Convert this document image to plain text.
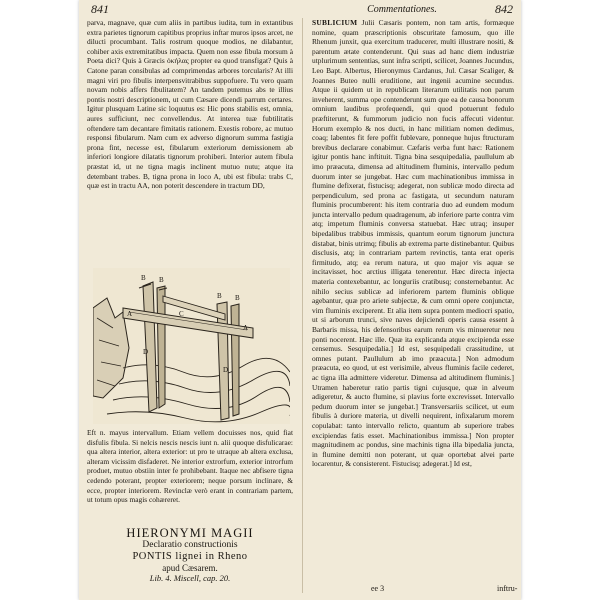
841	Commentationes.	842

parva, magnave, quæ cum aliis in partibus iudita, tum in extantibus extra parietes tignorum capitibus proprius inftar muros ipsos arcet, ne dilucti procumbant. Talis rostrum quoque modios, ne dilabantur, cohiber axis extremitatibus impacta. Quem non esse fibula morsum à Poeta dici? Quis à Græcis ὀκήλας propter ea quod transfigat? Quis à Catone paran consibulas ad comprimendas arbores torcularis? At illi magni viri pro fibulis interpensvitrabibus suppofuere. Tu vero quam novam nobis affers fibulitatem? An tandem putemus abs te illius pontis nostri descriptionem, ut cum Cæsare dicendi parrum certares. Igitur plusquam Latine sic loquutus es: Hic pons stabilis est, omnia, aures sufficiunt, nec convellendus. At interea tuæ fubtilitatis oftendere tam decantare fimitatis rationem. Exestis robore, ac mutuo responsi fibularum. Nam cum ex adverso dignorum summa fastigia prona fint, necesse est, fibularum exteriorum demissionem ab inferiori longiore dilatatis tignorum prohiberi. Interior autem fibula præstat id, ut ne tigna magis inclinent mutuo nutu; atque ita detembant trabes. B, tigna prona in loco A, ubi est fibula: trabs C, quæ est in tractu AA, non poterit descendere in tractum DD,

B B
A	C
B B
A
D
D

Eft n. mayus intervallum. Etiam vellem docuisses nos, quid fiat disfulis fibula. Si nelcis nescis nescis iunt n. alii quoque disfulicarae: qua altera interior, altera exterior: ut pro te utraque ab altera exclusa, alteram vicissim disfaderet. Ne interior extrorfum, exterior introrfum produet, mutuo obstiin inter fe prohibebant. Itaque nec abfisere tigna cedendo poterant, propter exteriorem; neque porsum inclinare, & ecce, propter interiorem. Revinclæ verò erant in contrariam partem, ut totum opus magis cohæreret.

HIERONYMI MAGII
Declaratio constructionis
PONTIS lignei in Rheno
apud Cæsarem.
Lib. 4. Miscell, cap. 20.

SUBLICIUM Julii Cæsaris pontem, non tam artis, formæque nomine, quam præscriptionis obscuritate famosum, quo ille Rhenum junxit, qua exercitum traducerer, multi illustrare nositi, & parentum ætate contenderunt. Qui suas ad hanc diem industriæ utplurimum sententias, sunt infra scripti, scilicet, Joannes Jucundus, Leo Bapt. Albertus, Hieronymus Cardanus, Jul. Cæsar Scaliger, & Joannes Buteo nulli eruditione, aut ingenii acumine secundus. Atque ii quidem ut in republicam literarum utilitatis non parum inveherent, summa ope contenderunt sum que ea de causa bonorum omnium laudibus profequendi, qui quod potuerunt fedulo præftiterunt, & fummorum judicio non fucis affecuti videntur. Horum exemplo & nos ducti, in hanc militiam nomen dedimus, coaq; labentes fit fere poffit fublevare, ponneque hujus ftructuram brevibus declarare conabimur. Cæfaris verba funt hæc: Rationem igitur pontis hanc inftituit. Tigna bina sesquipedalia, paullulum ab imo præacuta, dimensa ad altitudinem fluminis, intervallo pedum duorum inter se jungebat. Hæc cum machinationibus immissa in flumine defixerat, fistucisq; adegerat, non sublicæ modo directa ad perpendiculum, sed prona ac fastigata, ut secundum naturam fluminis procumberent: his item contraria duo ad eundem modum juncta intervallo pedum quadragenum, ab inferiore parte contra vim atq; impetum fluminis conversa statuebat. Hæc utraq; insuper bipedalibus trabibus immissis, quantum eorum tignorum junctura distabat, binis utrimq; fibulis ab extrema parte distinebantur. Quibus disclusis, atq; in contrariam partem revinctis, tanta erat operis firmitudo, atq; ea rerum natura, ut quo major vis aquæ se incitavisset, hoc arctius illigata tenerentur. Hæc directa injecta materia contexebantur, ac longuriis cratibusq; consternebantur. Ac nihilo secius sublicæ ad inferiorem partem fluminis oblique agebantur, quæ pro ariete subjectæ, & cum omni opere conjunctæ, vim fluminis exciperent. Et alia item supra pontem mediocri spatio, ut si arborum trunci, sive naves dejiciendi operis causa essent à Barbaris missa, his defensoribus earum rerum vis minueretur neu ponti nocerent. Hæc ille. Quæ ita explicanda atque excipienda esse censemus. Sesquipedalia.] Id est, sesquipedali crassitudine, ut omnes putant. Paullulum ab imo præacuta.] Non admodum præacuta, eo quod, ut est verisimile, alveus fluminis facile cederet, ac tigna illa admittere videretur. Dimensa ad altitudinem fluminis.] Utramen haberetur ratio partis tigni cujusque, quæ in alveum adigeretur, & aucto flumine, si plavius forte excrevisset. Intervallo pedum duorum inter se jungebat.] Transversariis scilicet, ut eum fibulis à duriore materia, ut divelli nequirent, infixalarum morem copulabat: tanto intervallo relicto, quantum ab superiore trabes excipiendas fatis esset. Machinationibus immissa.] Non propter magnitudinem ac pondus, sine machinis tigna illa bipedalia juncta, in flumine demitti non poterant, ut quæ oportebat alvei parte locarentur, & consisterent. Fistucisq; adegerat.] Id est,

ee 3	inftru-
